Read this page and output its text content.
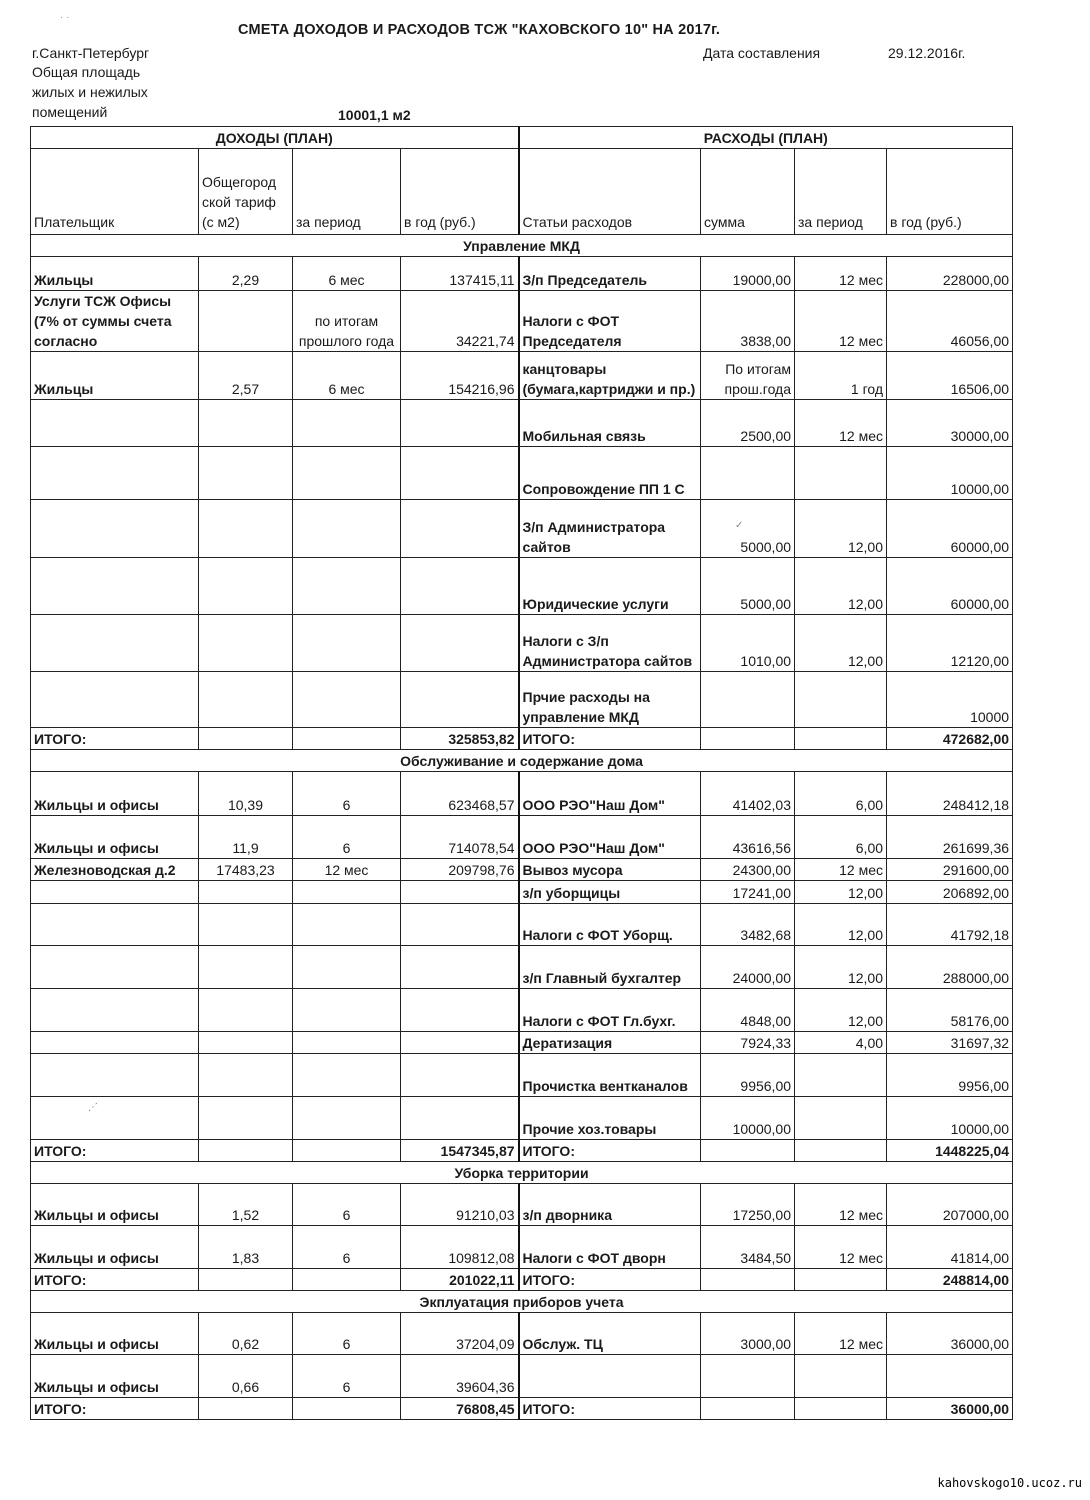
СМЕТА ДОХОДОВ И РАСХОДОВ ТСЖ "КАХОВСКОГО 10" НА 2017г.
г.Санкт-Петербург
Общая площадь
жилых и нежилых
помещений	10001,1 м2
Дата составления	29.12.2016г.
ДОХОДЫ (ПЛАН)				РАСХОДЫ (ПЛАН)			
Плательщик	Общегород ской тариф (с м2)	за период	в год (руб.)	Статьи расходов	сумма	за период	в год (руб.)
Управление МКД							
Жильцы	2,29	6 мес	137415,11	З/п Председатель	19000,00	12 мес	228000,00
Услуги ТСЖ Офисы (7% от суммы счета согласно		по итогам прошлого года	34221,74	Налоги с ФОТ Председателя	3838,00	12 мес	46056,00
Жильцы	2,57	6 мес	154216,96	канцтовары (бумага,картриджи и пр.)	По итогам прош.года	1 год	16506,00
				Мобильная связь	2500,00	12 мес	30000,00
				Сопровождение ПП 1 С			10000,00
				З/п Администратора сайтов	5000,00	12,00	60000,00
				Юридические услуги	5000,00	12,00	60000,00
				Налоги с З/п Администратора сайтов	1010,00	12,00	12120,00
				Прчие расходы на управление МКД			10000
ИТОГО:			325853,82	ИТОГО:			472682,00
Обслуживание и содержание дома							
Жильцы и офисы	10,39	6	623468,57	ООО РЭО"Наш Дом"	41402,03	6,00	248412,18
Жильцы и офисы	11,9	6	714078,54	ООО РЭО"Наш Дом"	43616,56	6,00	261699,36
Железноводская д.2	17483,23	12 мес	209798,76	Вывоз мусора	24300,00	12 мес	291600,00
				з/п уборщицы	17241,00	12,00	206892,00
				Налоги с ФОТ Уборщ.	3482,68	12,00	41792,18
				з/п Главный бухгалтер	24000,00	12,00	288000,00
				Налоги с ФОТ Гл.бухг.	4848,00	12,00	58176,00
				Дератизация	7924,33	4,00	31697,32
				Прочистка вентканалов	9956,00		9956,00
				Прочие хоз.товары	10000,00		10000,00
ИТОГО:			1547345,87	ИТОГО:			1448225,04
Уборка территории							
Жильцы и офисы	1,52	6	91210,03	з/п дворника	17250,00	12 мес	207000,00
Жильцы и офисы	1,83	6	109812,08	Налоги с ФОТ дворн	3484,50	12 мес	41814,00
ИТОГО:			201022,11	ИТОГО:			248814,00
Экплуатация приборов учета							
Жильцы и офисы	0,62	6	37204,09	Обслуж. ТЦ	3000,00	12 мес	36000,00
Жильцы и офисы	0,66	6	39604,36				
ИТОГО:			76808,45	ИТОГО:			36000,00
· ·
⋰
✓
kahovskogo10.ucoz.ru
